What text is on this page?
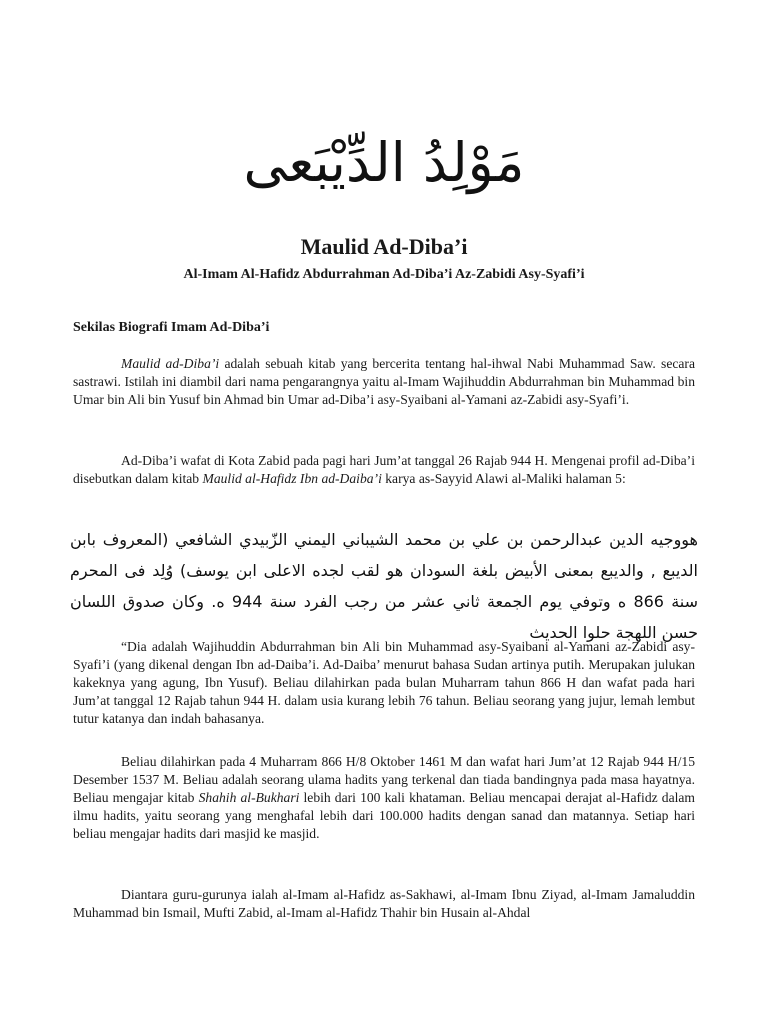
مَوْلِدُ الدِّيْبَعى
Maulid Ad-Diba’i
Al-Imam Al-Hafidz Abdurrahman Ad-Diba’i Az-Zabidi Asy-Syafi’i
Sekilas Biografi Imam Ad-Diba’i

Maulid ad-Diba’i adalah sebuah kitab yang bercerita tentang hal-ihwal Nabi Muhammad Saw. secara sastrawi. Istilah ini diambil dari nama pengarangnya yaitu al-Imam Wajihuddin Abdurrahman bin Muhammad bin Umar bin Ali bin Yusuf bin Ahmad bin Umar ad-Diba’i asy-Syaibani al-Yamani az-Zabidi asy-Syafi’i.

Ad-Diba’i wafat di Kota Zabid pada pagi hari Jum’at tanggal 26 Rajab 944 H. Mengenai profil ad-Diba’i disebutkan dalam kitab Maulid al-Hafidz Ibn ad-Daiba’i karya as-Sayyid Alawi al-Maliki halaman 5:

هووجيه الدين عبدالرحمن بن علي بن محمد الشيباني اليمني الزّبيدي الشافعي (المعروف بابن الديبع , والديبع بمعنى الأبيض بلغة السودان هو لقب لجده الاعلى ابن يوسف) وُلِد فى المحرم سنة 866 ه وتوفي يوم الجمعة ثاني عشر من رجب الفرد سنة 944 ه. وكان صدوق اللسان حسن اللهجة حلوا الحديث

“Dia adalah Wajihuddin Abdurrahman bin Ali bin Muhammad asy-Syaibani al-Yamani az-Zabidi asy-Syafi’i (yang dikenal dengan Ibn ad-Daiba’i. Ad-Daiba’ menurut bahasa Sudan artinya putih. Merupakan julukan kakeknya yang agung, Ibn Yusuf). Beliau dilahirkan pada bulan Muharram tahun 866 H dan wafat pada hari Jum’at tanggal 12 Rajab tahun 944 H. dalam usia kurang lebih 76 tahun. Beliau seorang yang jujur, lemah lembut tutur katanya dan indah bahasanya.

Beliau dilahirkan pada 4 Muharram 866 H/8 Oktober 1461 M dan wafat hari Jum’at 12 Rajab 944 H/15 Desember 1537 M. Beliau adalah seorang ulama hadits yang terkenal dan tiada bandingnya pada masa hayatnya. Beliau mengajar kitab Shahih al-Bukhari lebih dari 100 kali khataman. Beliau mencapai derajat al-Hafidz dalam ilmu hadits, yaitu seorang yang menghafal lebih dari 100.000 hadits dengan sanad dan matannya. Setiap hari beliau mengajar hadits dari masjid ke masjid.

Diantara guru-gurunya ialah al-Imam al-Hafidz as-Sakhawi, al-Imam Ibnu Ziyad, al-Imam Jamaluddin Muhammad bin Ismail, Mufti Zabid, al-Imam al-Hafidz Thahir bin Husain al-Ahdal
